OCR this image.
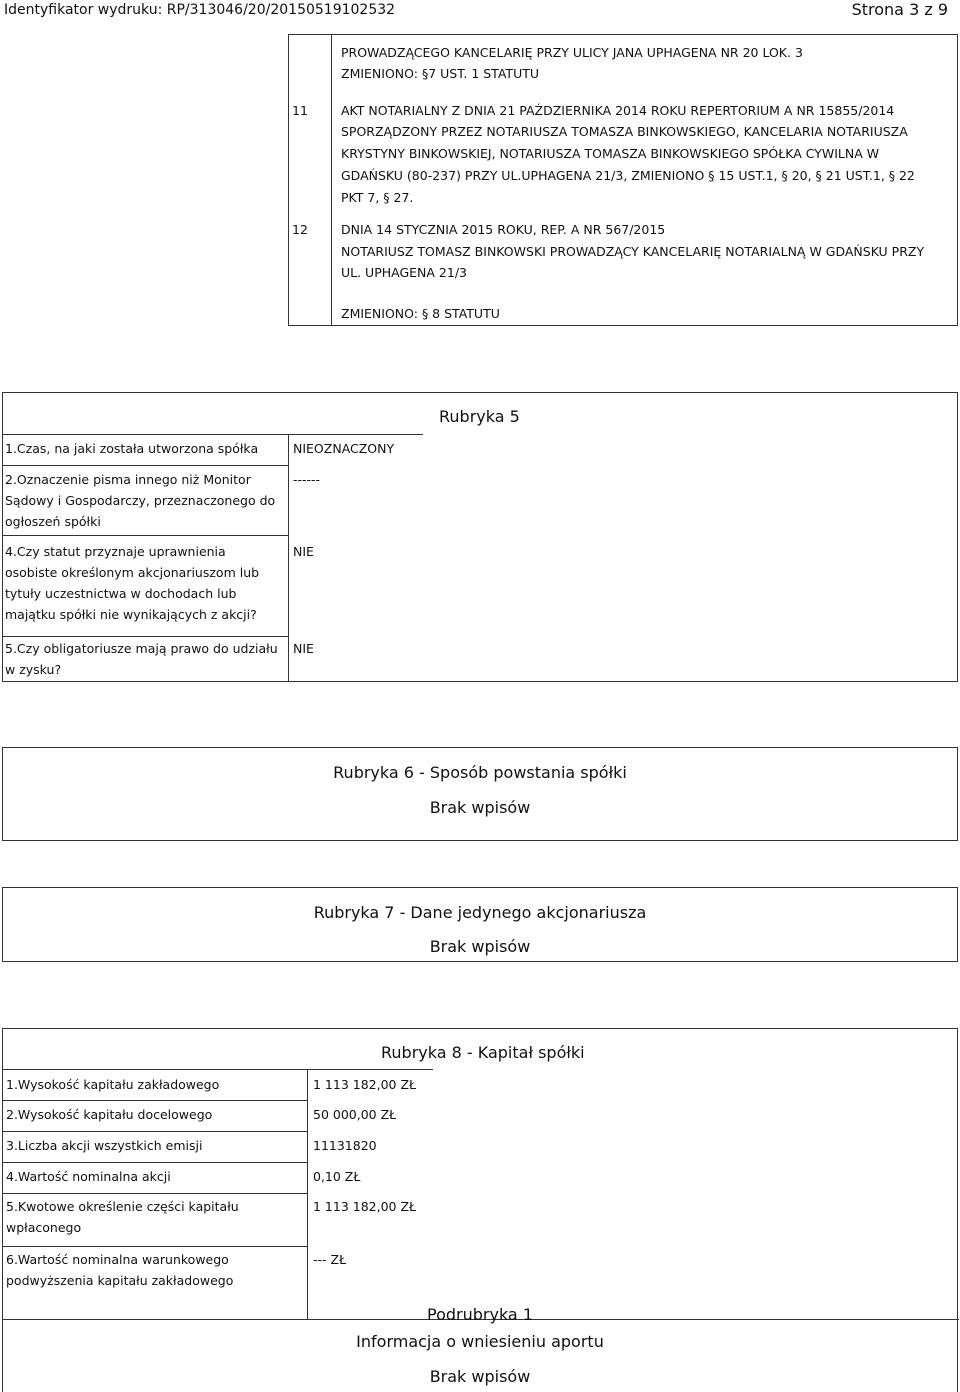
Identyfikator wydruku: RP/313046/20/20150519102532	Strona 3 z 9
PROWADZĄCEGO KANCELARIĘ PRZY ULICY JANA UPHAGENA NR 20 LOK. 3
ZMIENIONO: §7 UST. 1 STATUTU
11	AKT NOTARIALNY Z DNIA 21 PAŹDZIERNIKA 2014 ROKU REPERTORIUM A NR 15855/2014
SPORZĄDZONY PRZEZ NOTARIUSZA TOMASZA BINKOWSKIEGO, KANCELARIA NOTARIUSZA
KRYSTYNY BINKOWSKIEJ, NOTARIUSZA TOMASZA BINKOWSKIEGO SPÓŁKA CYWILNA W
GDAŃSKU (80-237) PRZY UL.UPHAGENA 21/3, ZMIENIONO § 15 UST.1, § 20, § 21 UST.1, § 22
PKT 7, § 27.
12	DNIA 14 STYCZNIA 2015 ROKU, REP. A NR 567/2015
NOTARIUSZ TOMASZ BINKOWSKI PROWADZĄCY KANCELARIĘ NOTARIALNĄ W GDAŃSKU PRZY
UL. UPHAGENA 21/3
ZMIENIONO: § 8 STATUTU
Rubryka 5
1.Czas, na jaki została utworzona spółka	NIEOZNACZONY
2.Oznaczenie pisma innego niż Monitor
Sądowy i Gospodarczy, przeznaczonego do
ogłoszeń spółki
------
4.Czy statut przyznaje uprawnienia
osobiste określonym akcjonariuszom lub
tytuły uczestnictwa w dochodach lub
majątku spółki nie wynikających z akcji?
NIE
5.Czy obligatoriusze mają prawo do udziału
w zysku?
NIE
Rubryka 6 - Sposób powstania spółki
Brak wpisów
Rubryka 7 - Dane jedynego akcjonariusza
Brak wpisów
Rubryka 8 - Kapitał spółki
1.Wysokość kapitału zakładowego	1 113 182,00 ZŁ
2.Wysokość kapitału docelowego	50 000,00 ZŁ
3.Liczba akcji wszystkich emisji	11131820
4.Wartość nominalna akcji	0,10 ZŁ
5.Kwotowe określenie części kapitału
wpłaconego
1 113 182,00 ZŁ
6.Wartość nominalna warunkowego
podwyższenia kapitału zakładowego
--- ZŁ
Podrubryka 1
Informacja o wniesieniu aportu
Brak wpisów
